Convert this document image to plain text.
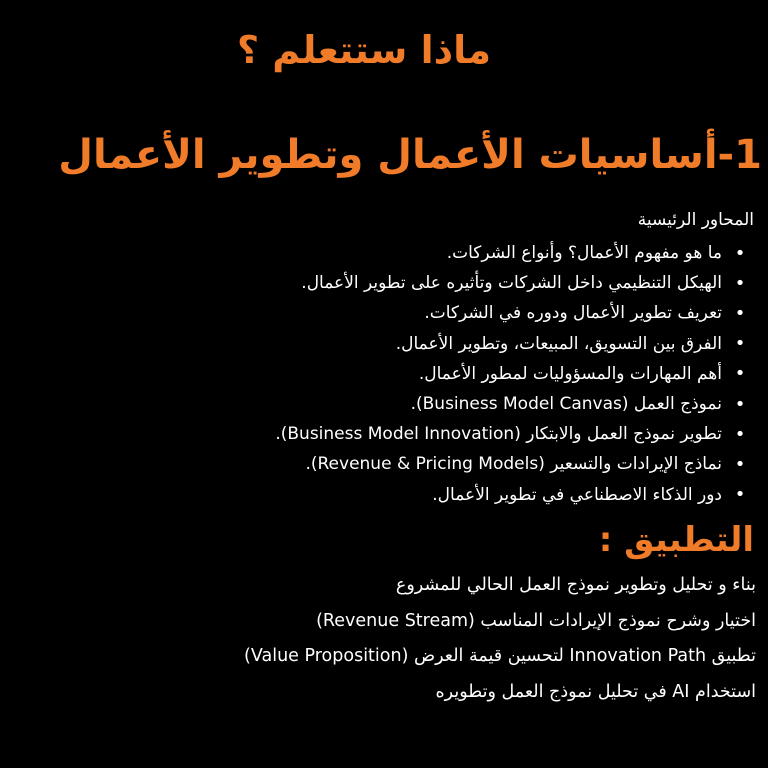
ماذا ستتعلم ؟
1-أساسيات الأعمال وتطوير الأعمال
المحاور الرئيسية
•
ما هو مفهوم الأعمال؟ وأنواع الشركات.
•
الهيكل التنظيمي داخل الشركات وتأثيره على تطوير الأعمال.
•
تعريف تطوير الأعمال ودوره في الشركات.
•
الفرق بين التسويق، المبيعات، وتطوير الأعمال.
•
أهم المهارات والمسؤوليات لمطور الأعمال.
•
نموذج العمل (Business Model Canvas).
•
تطوير نموذج العمل والابتكار (Business Model Innovation).
•
نماذج الإيرادات والتسعير (Revenue & Pricing Models).
•
دور الذكاء الاصطناعي في تطوير الأعمال.
التطبيق :
بناء و تحليل وتطوير نموذج العمل الحالي للمشروع
اختيار وشرح نموذج الإيرادات المناسب (Revenue Stream)
تطبيق Innovation Path لتحسين قيمة العرض (Value Proposition)
استخدام AI في تحليل نموذج العمل وتطويره
